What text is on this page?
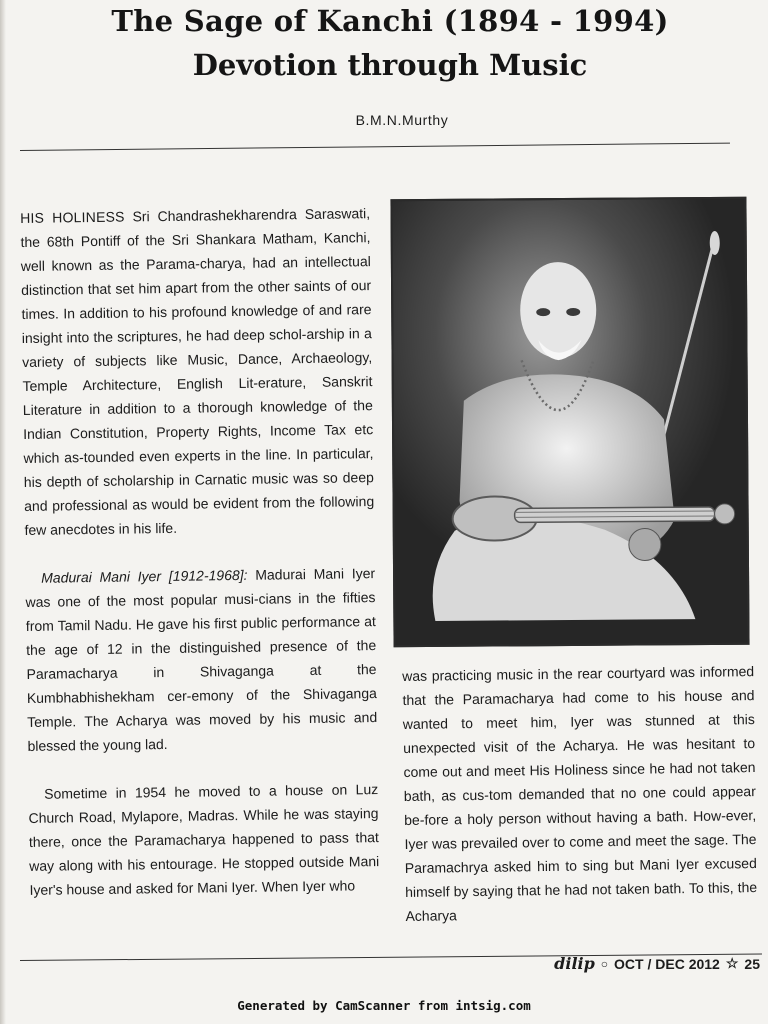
The Sage of Kanchi (1894 - 1994)
Devotion through Music
B.M.N.Murthy

HIS HOLINESS Sri Chandrashekharendra Saraswati, the 68th Pontiff of the Sri Shankara Matham, Kanchi, well known as the Parama-charya, had an intellectual distinction that set him apart from the other saints of our times. In addition to his profound knowledge of and rare insight into the scriptures, he had deep schol-arship in a variety of subjects like Music, Dance, Archaeology, Temple Architecture, English Lit-erature, Sanskrit Literature in addition to a thorough knowledge of the Indian Constitution, Property Rights, Income Tax etc which as-tounded even experts in the line. In particular, his depth of scholarship in Carnatic music was so deep and professional as would be evident from the following few anecdotes in his life.

Madurai Mani Iyer [1912-1968]: Madurai Mani Iyer was one of the most popular musi-cians in the fifties from Tamil Nadu. He gave his first public performance at the age of 12 in the distinguished presence of the Paramacharya in Shivaganga at the Kumbhabhishekham cer-emony of the Shivaganga Temple. The Acharya was moved by his music and blessed the young lad.

Sometime in 1954 he moved to a house on Luz Church Road, Mylapore, Madras. While he was staying there, once the Paramacharya happened to pass that way along with his entourage. He stopped outside Mani Iyer's house and asked for Mani Iyer. When Iyer who

was practicing music in the rear courtyard was informed that the Paramacharya had come to his house and wanted to meet him, Iyer was stunned at this unexpected visit of the Acharya. He was hesitant to come out and meet His Holiness since he had not taken bath, as cus-tom demanded that no one could appear be-fore a holy person without having a bath. How-ever, Iyer was prevailed over to come and meet the sage. The Paramachrya asked him to sing but Mani Iyer excused himself by saying that he had not taken bath. To this, the Acharya

dilip ○ OCT / DEC 2012 ☆ 25
Generated by CamScanner from intsig.com
